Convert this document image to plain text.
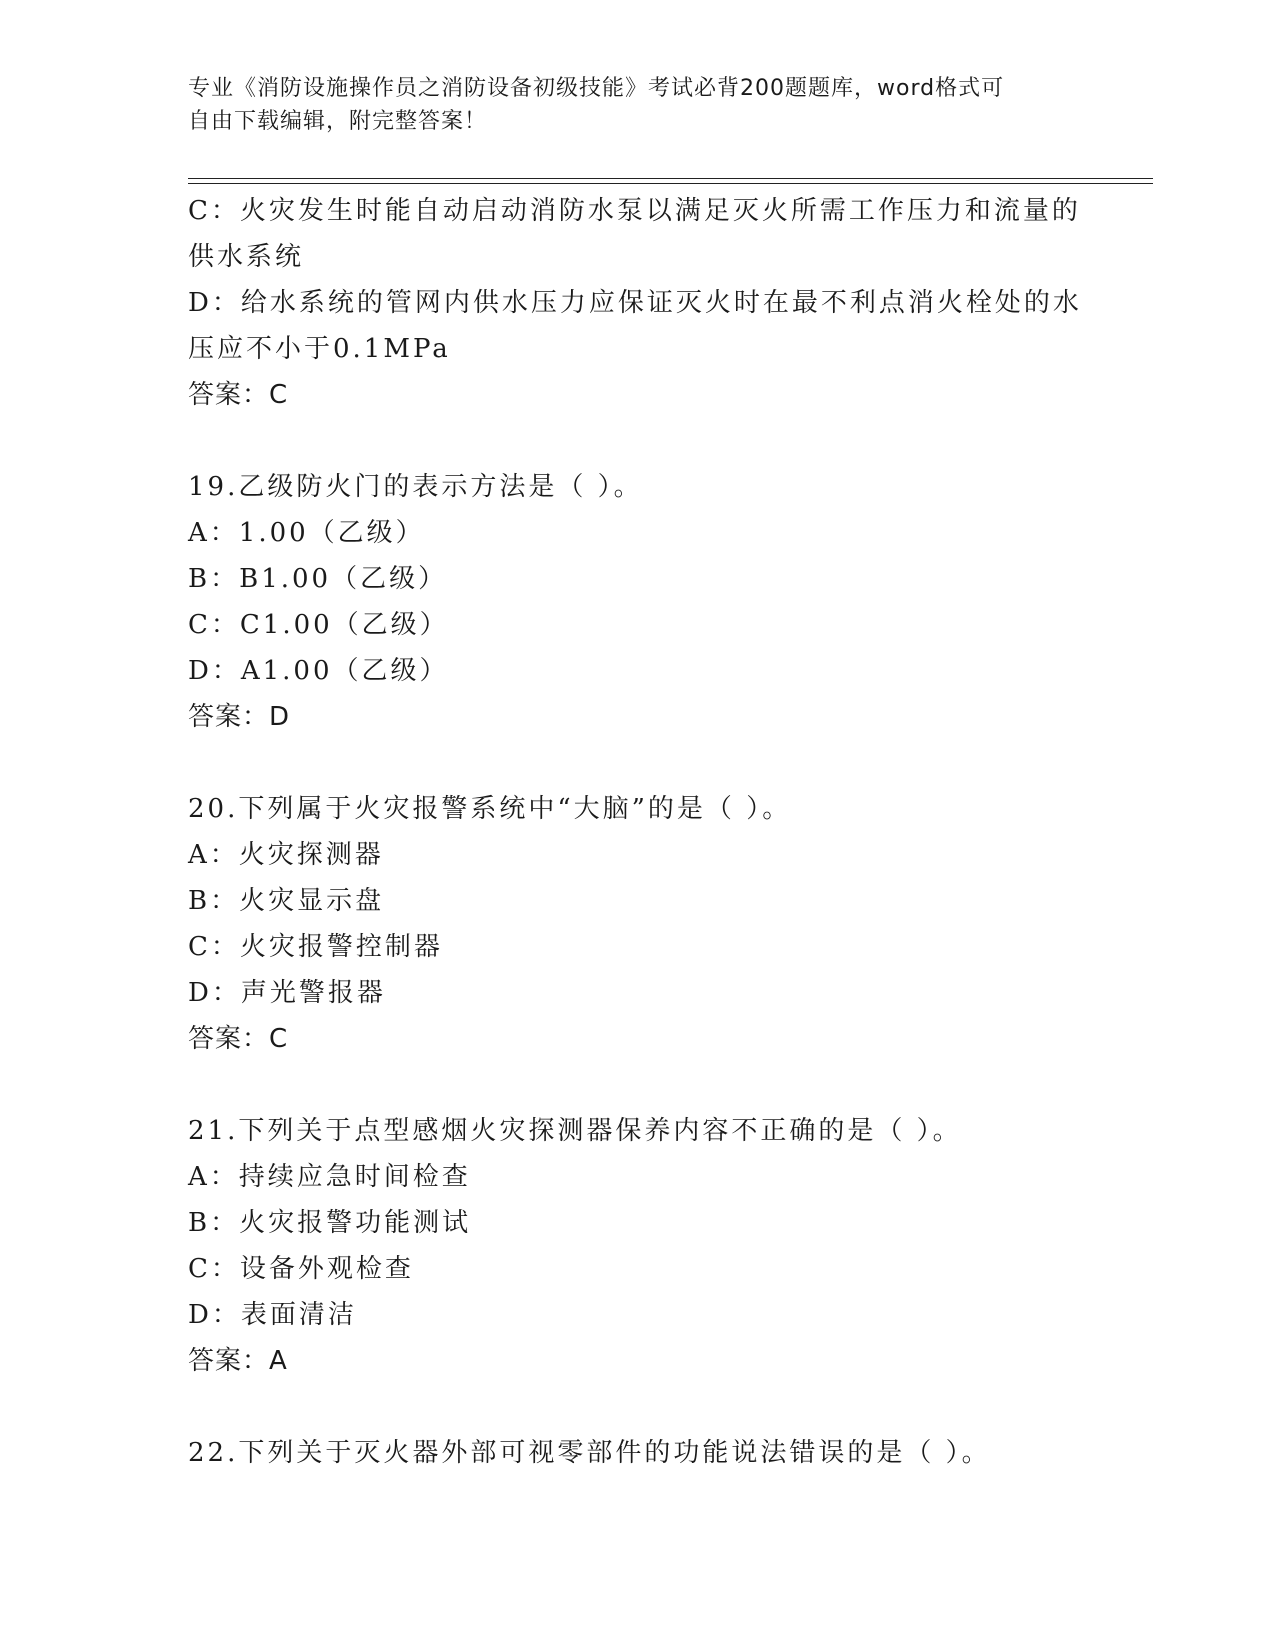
专业《消防设施操作员之消防设备初级技能》考试必背200题题库，word格式可
自由下载编辑，附完整答案！
C：火灾发生时能自动启动消防水泵以满足灭火所需工作压力和流量的
供水系统
D：给水系统的管网内供水压力应保证灭火时在最不利点消火栓处的水
压应不小于0.1MPa
答案：C
19.乙级防火门的表示方法是（ ）。
A：1.00（乙级）
B：B1.00（乙级）
C：C1.00（乙级）
D：A1.00（乙级）
答案：D
20.下列属于火灾报警系统中“大脑”的是（ ）。
A：火灾探测器
B：火灾显示盘
C：火灾报警控制器
D：声光警报器
答案：C
21.下列关于点型感烟火灾探测器保养内容不正确的是（ ）。
A：持续应急时间检查
B：火灾报警功能测试
C：设备外观检查
D：表面清洁
答案：A
22.下列关于灭火器外部可视零部件的功能说法错误的是（ ）。
